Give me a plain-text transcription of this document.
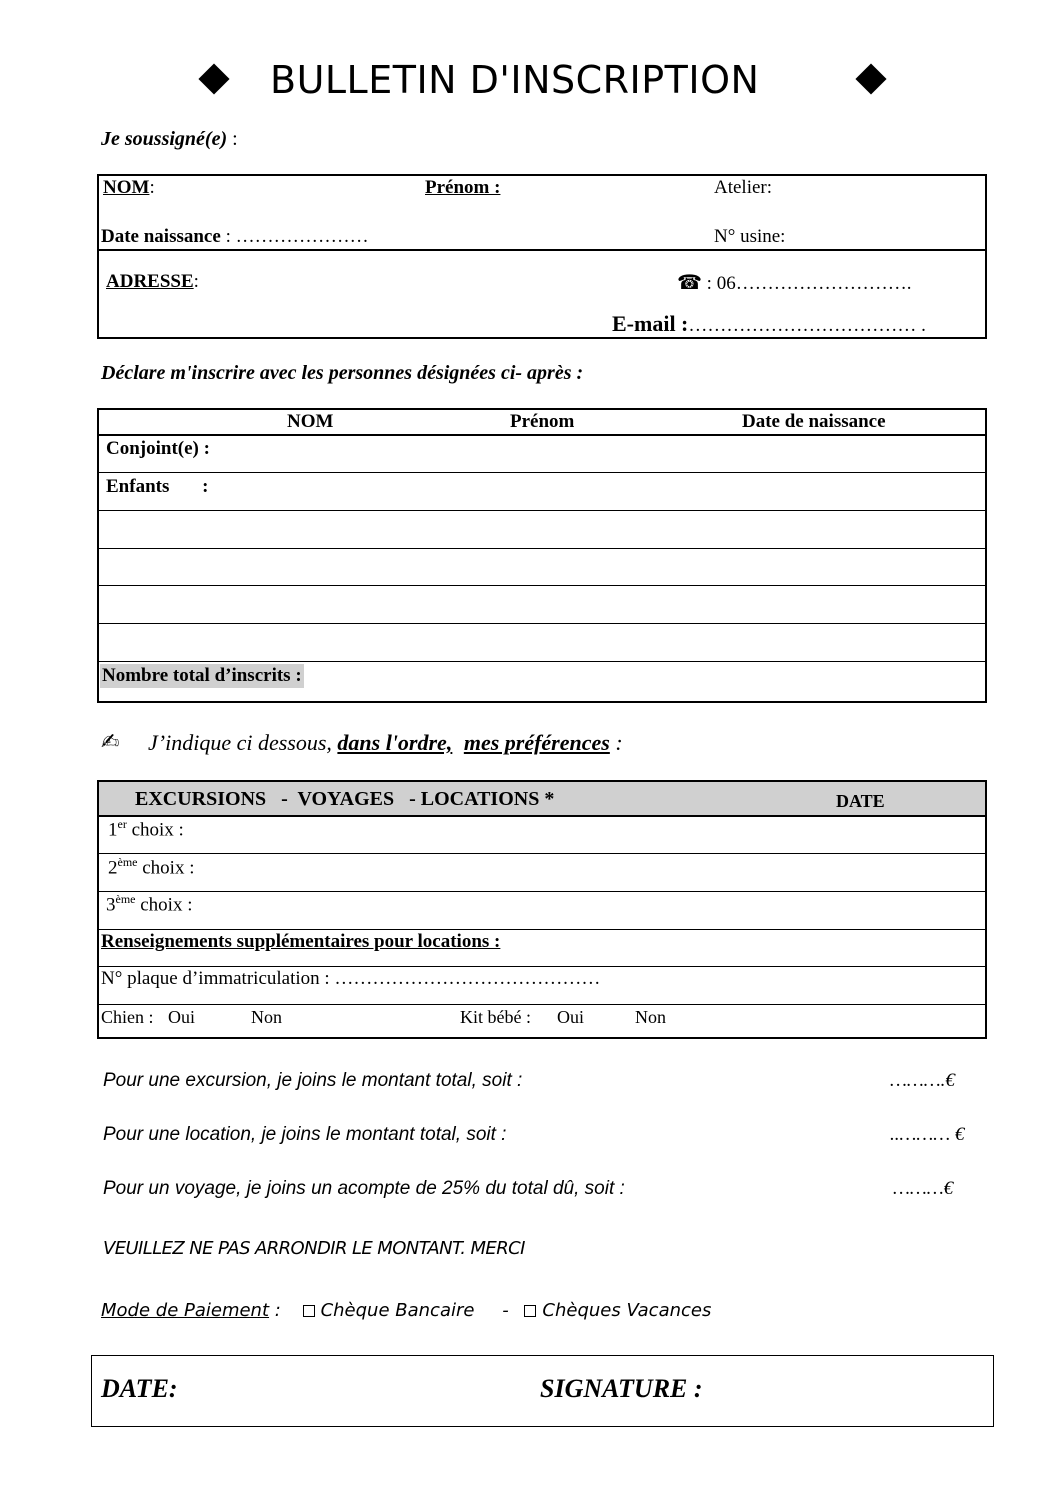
BULLETIN D'INSCRIPTION
Je soussigné(e) :
NOM:	Prénom :	Atelier:
Date naissance : …………………	N° usine:
ADRESSE:	☎ : 06……………………….
E-mail :……………………………… .
Déclare m'inscrire avec les personnes désignées ci- après :
NOM	Prénom	Date de naissance
Conjoint(e) :
Enfants :
Nombre total d’inscrits :
✍ J’indique ci dessous, dans l'ordre, mes préférences :
EXCURSIONS   -  VOYAGES   - LOCATIONS *	DATE
1er choix :
2ème choix :
3ème choix :
Renseignements supplémentaires pour locations :
N° plaque d’immatriculation : ……………………………………
Chien : Oui	Non	Kit bébé : Oui	Non
Pour une excursion, je joins le montant total, soit :	……….€
Pour une location, je joins le montant total, soit :	..……… €
Pour un voyage, je joins un acompte de 25% du total dû, soit :	………€
VEUILLEZ NE PAS ARRONDIR LE MONTANT. MERCI
Mode de Paiement : Chèque Bancaire - Chèques Vacances
DATE:	SIGNATURE :
